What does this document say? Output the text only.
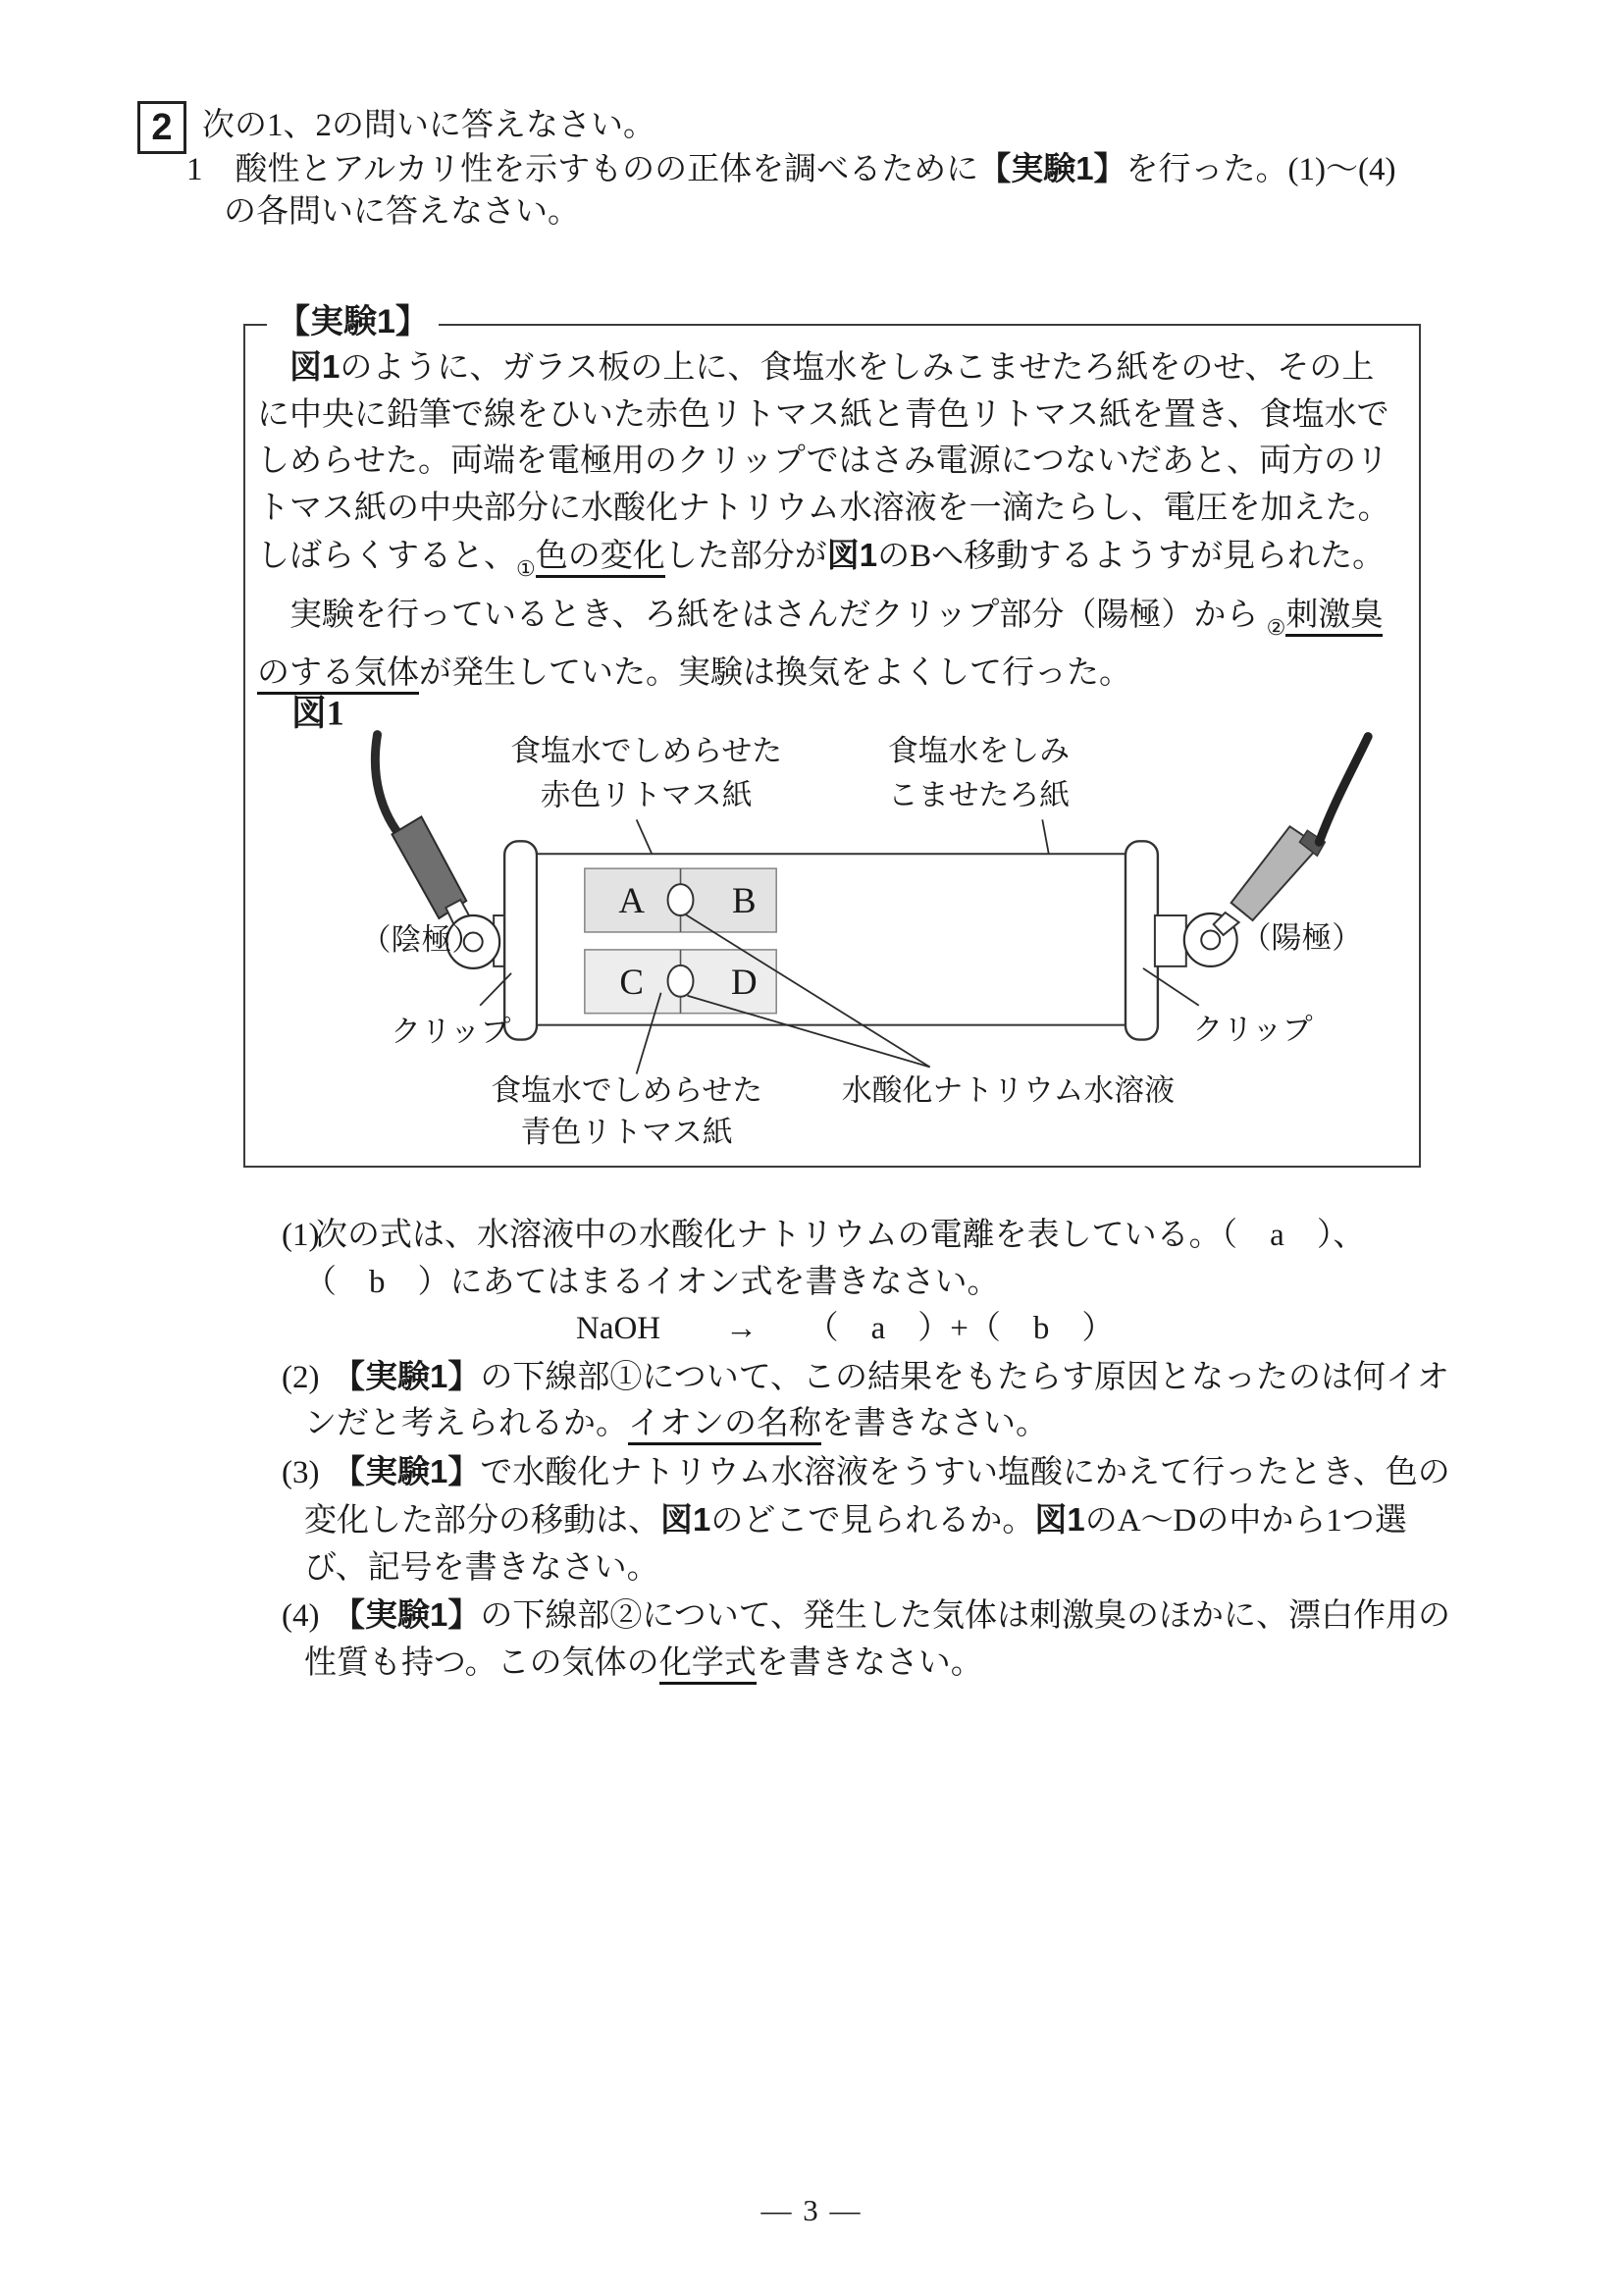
2 次の1、2の問いに答えなさい。
1　酸性とアルカリ性を示すものの正体を調べるために【実験1】を行った。(1)～(4)
の各問いに答えなさい。
【実験1】
　図1のように、ガラス板の上に、食塩水をしみこませたろ紙をのせ、その上
に中央に鉛筆で線をひいた赤色リトマス紙と青色リトマス紙を置き、食塩水で
しめらせた。両端を電極用のクリップではさみ電源につないだあと、両方のリ
トマス紙の中央部分に水酸化ナトリウム水溶液を一滴たらし、電圧を加えた。
しばらくすると、$_①$色の変化した部分が図1のBへ移動するようすが見られた。
　実験を行っているとき、ろ紙をはさんだクリップ部分（陽極）から $_②$刺激臭
のする気体が発生していた。実験は換気をよくして行った。
図1
食塩水でしめらせた
赤色リトマス紙
食塩水をしみ
こませたろ紙
A B
C D
食塩水でしめらせた
青色リトマス紙
水酸化ナトリウム水溶液
（陰極）	（陽極）
クリップ	クリップ
(1)次の式は、水溶液中の水酸化ナトリウムの電離を表している。（　a　）、
（　b　）にあてはまるイオン式を書きなさい。
NaOH　　→　　（　a　）+（　b　）
(2) 【実験1】の下線部①について、この結果をもたらす原因となったのは何イオ
ンだと考えられるか。イオンの名称を書きなさい。
(3) 【実験1】で水酸化ナトリウム水溶液をうすい塩酸にかえて行ったとき、色の
変化した部分の移動は、図1のどこで見られるか。図1のA～Dの中から1つ選
び、記号を書きなさい。
(4) 【実験1】の下線部②について、発生した気体は刺激臭のほかに、漂白作用の
性質も持つ。この気体の化学式を書きなさい。
— 3 —
